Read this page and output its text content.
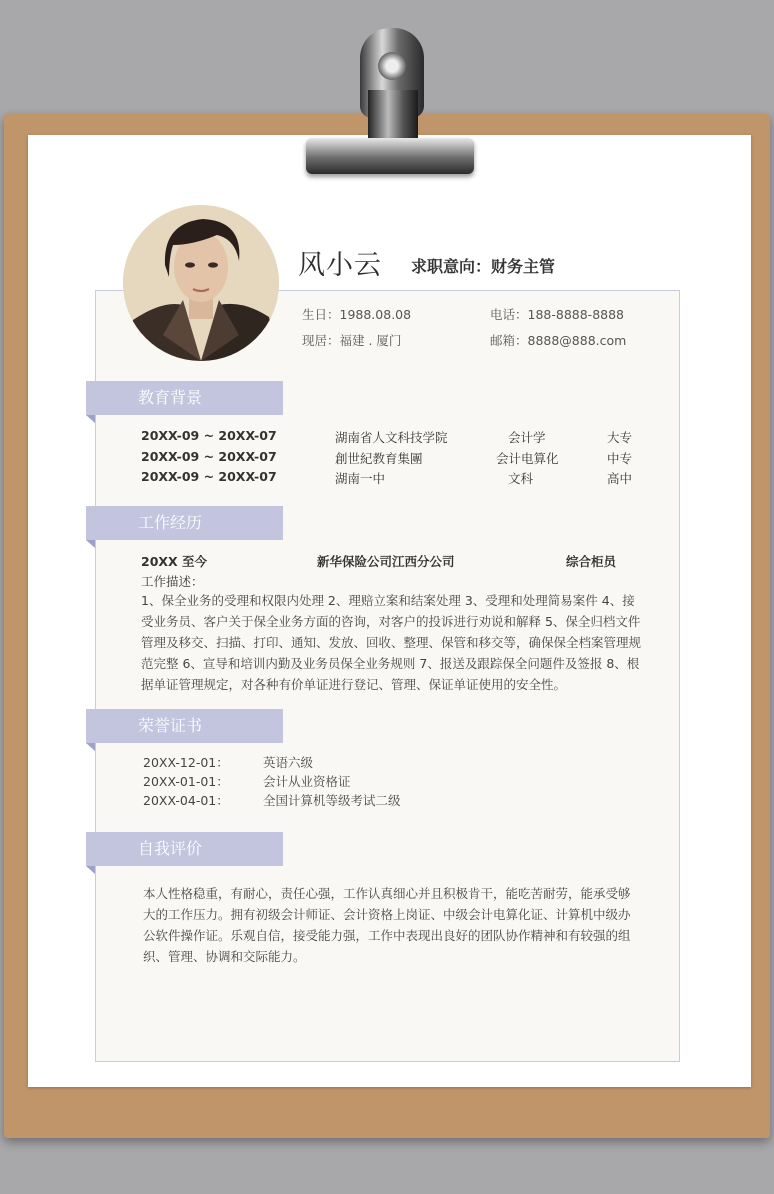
风小云 求职意向：财务主管
生日：1988.08.08	电话：188-8888-8888
现居：福建 . 厦门	邮箱：8888@888.com
教育背景
20XX-09 ~ 20XX-07	湖南省人文科技学院	会计学	大专
20XX-09 ~ 20XX-07	創世紀教育集團	会计电算化	中专
20XX-09 ~ 20XX-07	湖南一中	文科	高中
工作经历
20XX 至今	新华保险公司江西分公司	综合柜员
工作描述：
1、保全业务的受理和权限内处理 2、理赔立案和结案处理 3、受理和处理简易案件 4、接
受业务员、客户关于保全业务方面的咨询，对客户的投诉进行劝说和解释 5、保全归档文件
管理及移交、扫描、打印、通知、发放、回收、整理、保管和移交等，确保保全档案管理规
范完整 6、宣导和培训内勤及业务员保全业务规则 7、报送及跟踪保全问题件及签报 8、根
据单证管理规定，对各种有价单证进行登记、管理、保证单证使用的安全性。
荣誉证书
20XX-12-01：	英语六级
20XX-01-01：	会计从业资格证
20XX-04-01：	全国计算机等级考试二级
自我评价
本人性格稳重，有耐心，责任心强，工作认真细心并且积极肯干，能吃苦耐劳，能承受够
大的工作压力。拥有初级会计师证、会计资格上岗证、中级会计电算化证、计算机中级办
公软件操作证。乐观自信，接受能力强，工作中表现出良好的团队协作精神和有较强的组
织、管理、协调和交际能力。
